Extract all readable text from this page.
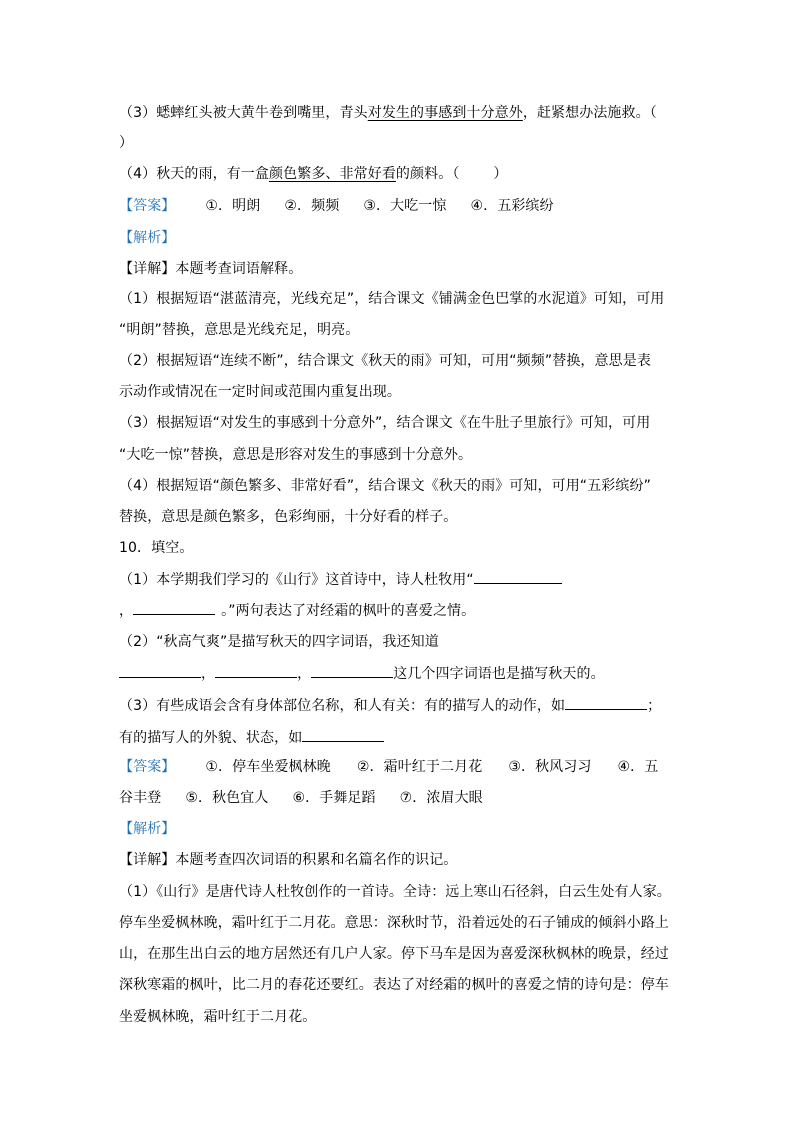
（3）蟋蟀红头被大黄牛卷到嘴里，青头对发生的事感到十分意外，赶紧想办法施救。（
）
（4）秋天的雨，有一盒颜色繁多、非常好看的颜料。（ ）
【答案】 ①．明朗 ②．频频 ③．大吃一惊 ④．五彩缤纷
【解析】
【详解】本题考查词语解释。
（1）根据短语“湛蓝清亮，光线充足”，结合课文《铺满金色巴掌的水泥道》可知，可用
“明朗”替换，意思是光线充足，明亮。
（2）根据短语“连续不断”，结合课文《秋天的雨》可知，可用“频频”替换，意思是表
示动作或情况在一定时间或范围内重复出现。
（3）根据短语“对发生的事感到十分意外”，结合课文《在牛肚子里旅行》可知，可用
“大吃一惊”替换，意思是形容对发生的事感到十分意外。
（4）根据短语“颜色繁多、非常好看”，结合课文《秋天的雨》可知，可用“五彩缤纷”
替换，意思是颜色繁多，色彩绚丽，十分好看的样子。
10．填空。
（1）本学期我们学习的《山行》这首诗中，诗人杜牧用“
，	。”两句表达了对经霜的枫叶的喜爱之情。
（2）“秋高气爽”是描写秋天的四字词语，我还知道
，	，	这几个四字词语也是描写秋天的。
（3）有些成语会含有身体部位名称，和人有关：有的描写人的动作，如	；
有的描写人的外貌、状态，如
【答案】 ①．停车坐爱枫林晚 ②．霜叶红于二月花 ③．秋风习习 ④．五
谷丰登 ⑤．秋色宜人 ⑥．手舞足蹈 ⑦．浓眉大眼
【解析】
【详解】本题考查四次词语的积累和名篇名作的识记。
（1）《山行》是唐代诗人杜牧创作的一首诗。全诗：远上寒山石径斜，白云生处有人家。
停车坐爱枫林晚，霜叶红于二月花。意思：深秋时节，沿着远处的石子铺成的倾斜小路上
山，在那生出白云的地方居然还有几户人家。停下马车是因为喜爱深秋枫林的晚景，经过
深秋寒霜的枫叶，比二月的春花还要红。表达了对经霜的枫叶的喜爱之情的诗句是：停车
坐爱枫林晚，霜叶红于二月花。
